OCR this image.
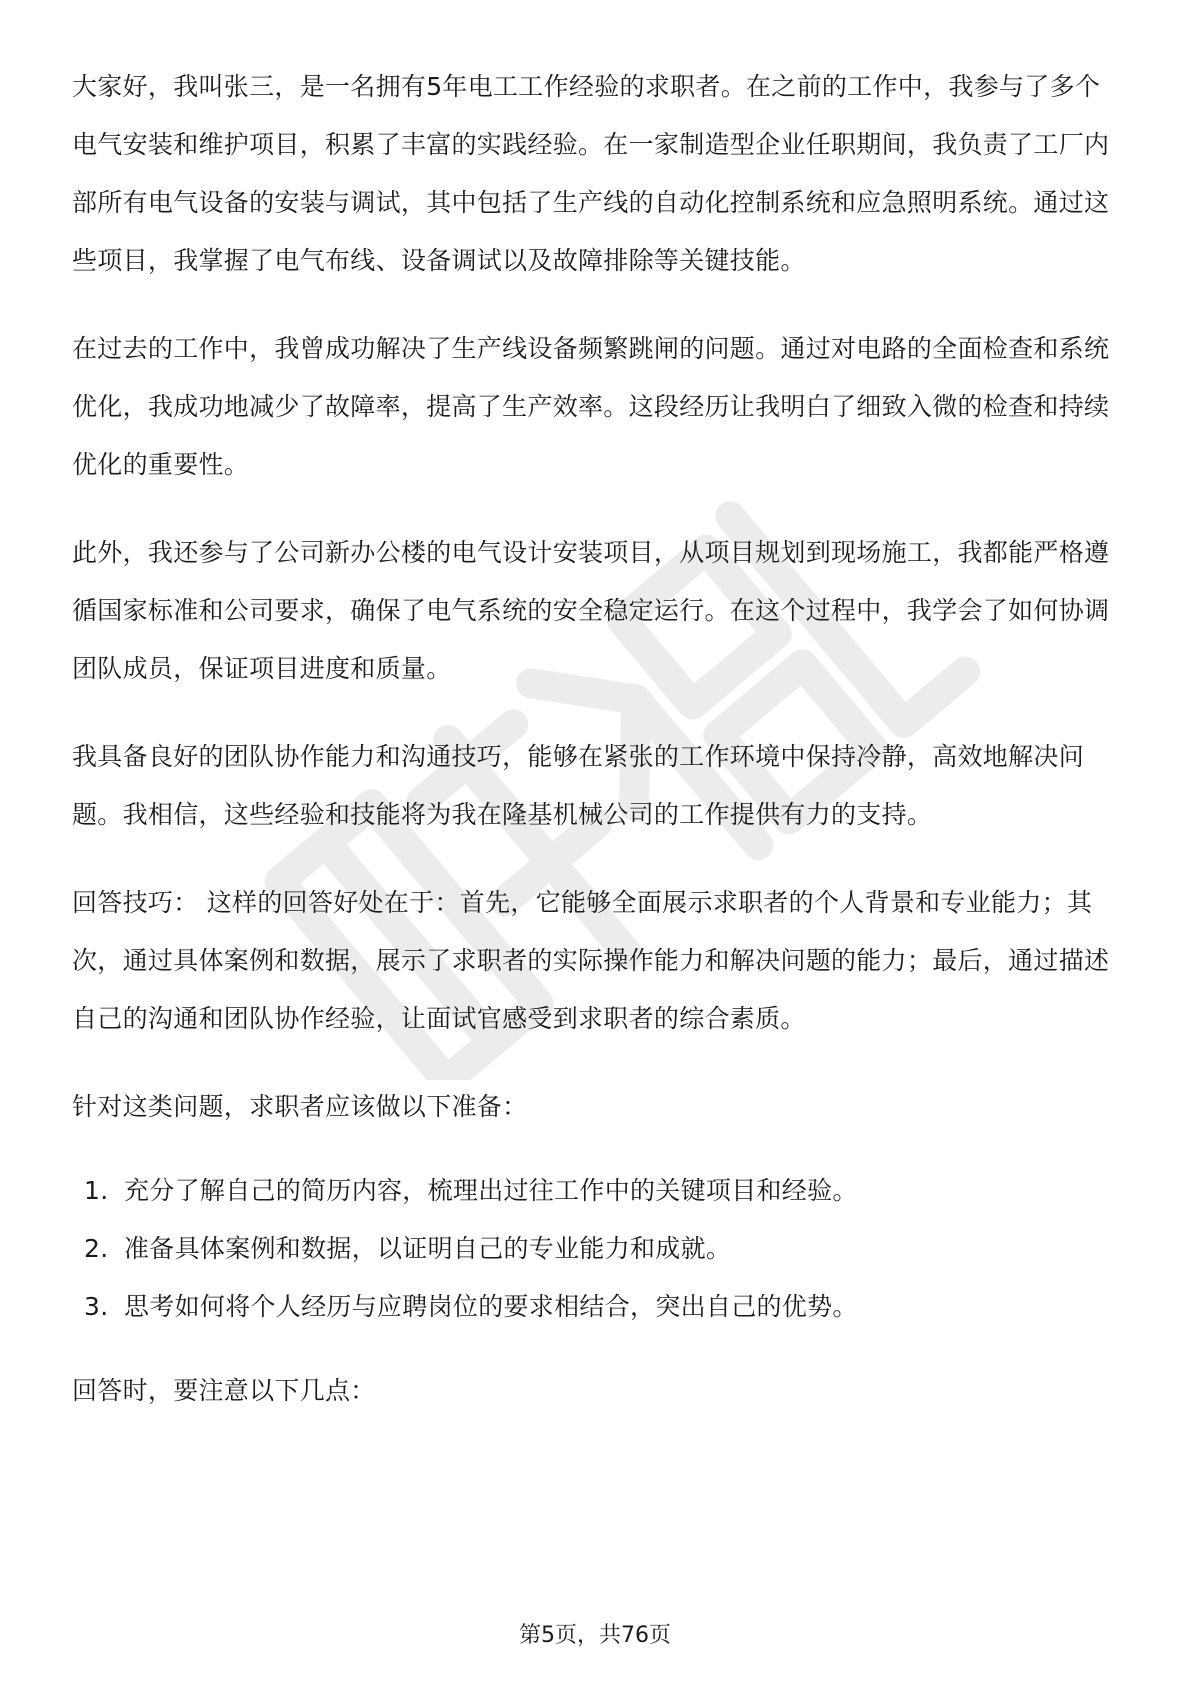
大家好，我叫张三，是一名拥有5年电工工作经验的求职者。在之前的工作中，我参与了多个电气安装和维护项目，积累了丰富的实践经验。在一家制造型企业任职期间，我负责了工厂内部所有电气设备的安装与调试，其中包括了生产线的自动化控制系统和应急照明系统。通过这些项目，我掌握了电气布线、设备调试以及故障排除等关键技能。

在过去的工作中，我曾成功解决了生产线设备频繁跳闸的问题。通过对电路的全面检查和系统优化，我成功地减少了故障率，提高了生产效率。这段经历让我明白了细致入微的检查和持续优化的重要性。

此外，我还参与了公司新办公楼的电气设计安装项目，从项目规划到现场施工，我都能严格遵循国家标准和公司要求，确保了电气系统的安全稳定运行。在这个过程中，我学会了如何协调团队成员，保证项目进度和质量。

我具备良好的团队协作能力和沟通技巧，能够在紧张的工作环境中保持冷静，高效地解决问题。我相信，这些经验和技能将为我在隆基机械公司的工作提供有力的支持。

回答技巧： 这样的回答好处在于：首先，它能够全面展示求职者的个人背景和专业能力；其次，通过具体案例和数据，展示了求职者的实际操作能力和解决问题的能力；最后，通过描述自己的沟通和团队协作经验，让面试官感受到求职者的综合素质。

针对这类问题，求职者应该做以下准备：

1. 充分了解自己的简历内容，梳理出过往工作中的关键项目和经验。
2. 准备具体案例和数据，以证明自己的专业能力和成就。
3. 思考如何将个人经历与应聘岗位的要求相结合，突出自己的优势。

回答时，要注意以下几点：

第5页，共76页
